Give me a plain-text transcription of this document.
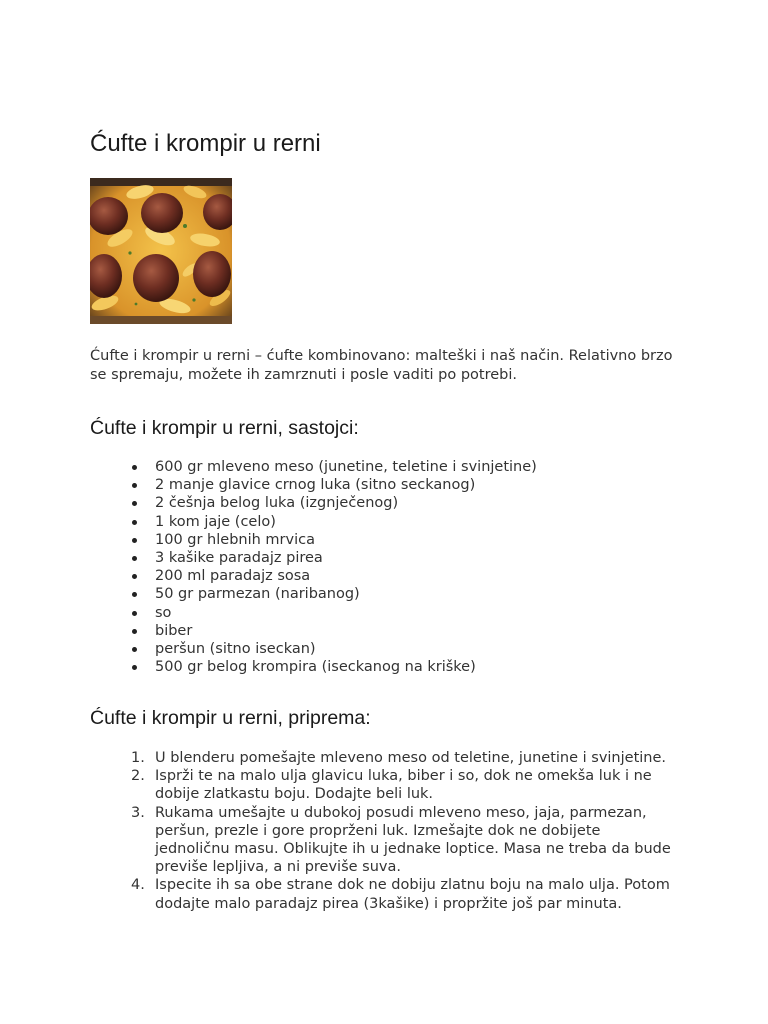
Ćufte i krompir u rerni

Ćufte i krompir u rerni – ćufte kombinovano: malteški i naš način. Relativno brzo se spremaju, možete ih zamrznuti i posle vaditi po potrebi.

Ćufte i krompir u rerni, sastojci:
600 gr mleveno meso (junetine, teletine i svinjetine)
2 manje glavice crnog luka (sitno seckanog)
2 češnja belog luka (izgnječenog)
1 kom jaje (celo)
100 gr hlebnih mrvica
3 kašike paradajz pirea
200 ml paradajz sosa
50 gr parmezan (naribanog)
so
biber
peršun (sitno iseckan)
500 gr belog krompira (iseckanog na kriške)
Ćufte i krompir u rerni, priprema:
1. U blenderu pomešajte mleveno meso od teletine, junetine i svinjetine.
2. Isprži te na malo ulja glavicu luka, biber i so, dok ne omekša luk i ne
dobije zlatkastu boju. Dodajte beli luk.
3. Rukama umešajte u dubokoj posudi mleveno meso, jaja, parmezan,
peršun, prezle i gore proprženi luk. Izmešajte dok ne dobijete
jednoličnu masu. Oblikujte ih u jednake loptice. Masa ne treba da bude
previše lepljiva, a ni previše suva.
4. Ispecite ih sa obe strane dok ne dobiju zlatnu boju na malo ulja. Potom
dodajte malo paradajz pirea (3kašike) i propržite još par minuta.
